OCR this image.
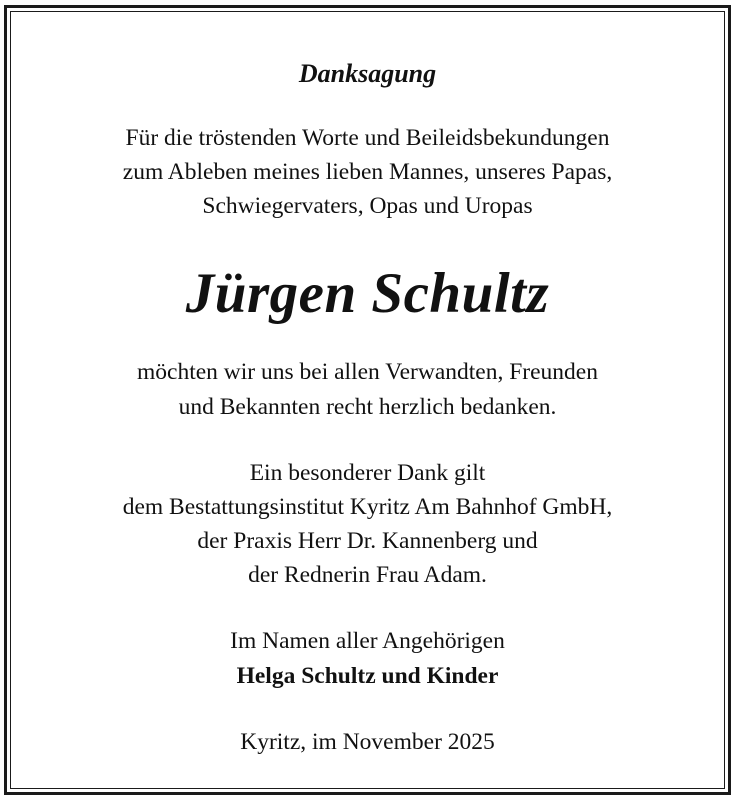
Danksagung
Für die tröstenden Worte und Beileidsbekundungen
zum Ableben meines lieben Mannes, unseres Papas,
Schwiegervaters, Opas und Uropas
Jürgen Schultz
möchten wir uns bei allen Verwandten, Freunden
und Bekannten recht herzlich bedanken.
Ein besonderer Dank gilt
dem Bestattungsinstitut Kyritz Am Bahnhof GmbH,
der Praxis Herr Dr. Kannenberg und
der Rednerin Frau Adam.
Im Namen aller Angehörigen
Helga Schultz und Kinder
Kyritz, im November 2025
